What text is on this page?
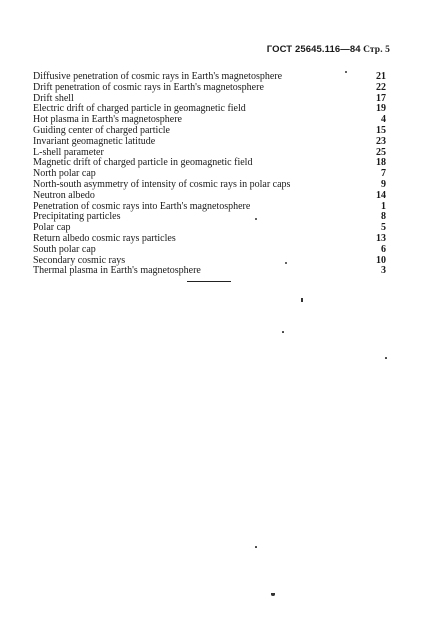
ГОСТ 25645.116—84 Стр. 5
Diffusive penetration of cosmic rays in Earth's magnetosphere	21
Drift penetration of cosmic rays in Earth's magnetosphere	22
Drift shell	17
Electric drift of charged particle in geomagnetic field	19
Hot plasma in Earth's magnetosphere	4
Guiding center of charged particle	15
Invariant geomagnetic latitude	23
L-shell parameter	25
Magnetic drift of charged particle in geomagnetic field	18
North polar cap	7
North-south asymmetry of intensity of cosmic rays in polar caps	9
Neutron albedo	14
Penetration of cosmic rays into Earth's magnetosphere	1
Precipitating particles	8
Polar cap	5
Return albedo cosmic rays particles	13
South polar cap	6
Secondary cosmic rays	10
Thermal plasma in Earth's magnetosphere	3
